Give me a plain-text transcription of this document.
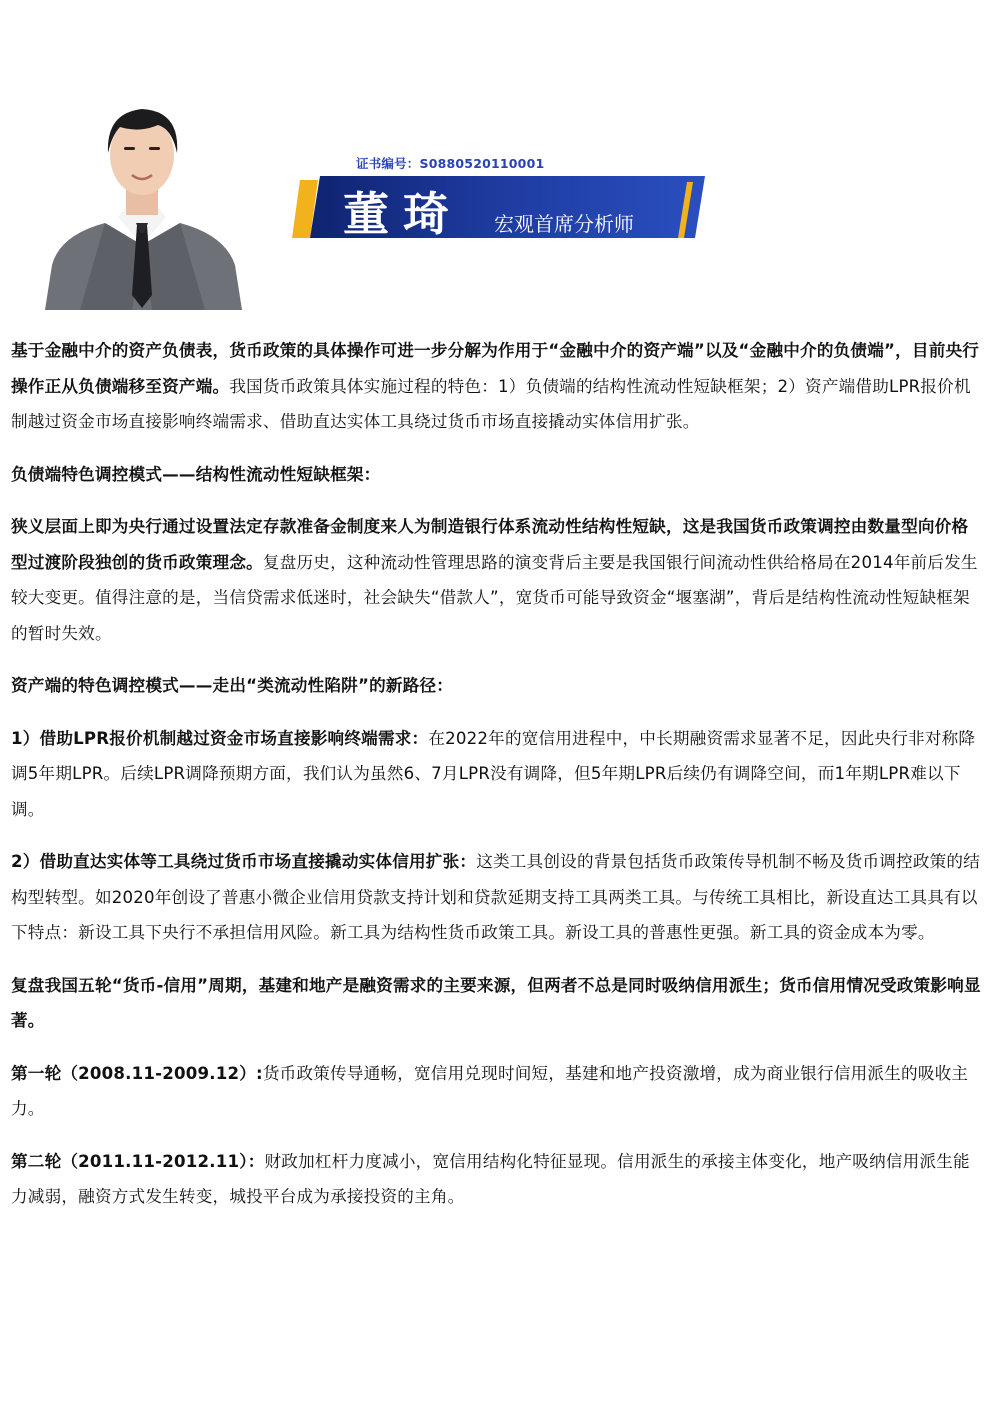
证书编号：S0880520110001
董琦 宏观首席分析师

基于金融中介的资产负债表，货币政策的具体操作可进一步分解为作用于“金融中介的资产端”以及“金融中介的负债端”，目前央行操作正从负债端移至资产端。我国货币政策具体实施过程的特色：1）负债端的结构性流动性短缺框架；2）资产端借助LPR报价机制越过资金市场直接影响终端需求、借助直达实体工具绕过货币市场直接撬动实体信用扩张。

负债端特色调控模式——结构性流动性短缺框架：

狭义层面上即为央行通过设置法定存款准备金制度来人为制造银行体系流动性结构性短缺，这是我国货币政策调控由数量型向价格型过渡阶段独创的货币政策理念。复盘历史，这种流动性管理思路的演变背后主要是我国银行间流动性供给格局在2014年前后发生较大变更。值得注意的是，当信贷需求低迷时，社会缺失“借款人”，宽货币可能导致资金“堰塞湖”，背后是结构性流动性短缺框架的暂时失效。

资产端的特色调控模式——走出“类流动性陷阱”的新路径：

1）借助LPR报价机制越过资金市场直接影响终端需求：在2022年的宽信用进程中，中长期融资需求显著不足，因此央行非对称降调5年期LPR。后续LPR调降预期方面，我们认为虽然6、7月LPR没有调降，但5年期LPR后续仍有调降空间，而1年期LPR难以下调。

2）借助直达实体等工具绕过货币市场直接撬动实体信用扩张：这类工具创设的背景包括货币政策传导机制不畅及货币调控政策的结构型转型。如2020年创设了普惠小微企业信用贷款支持计划和贷款延期支持工具两类工具。与传统工具相比，新设直达工具具有以下特点：新设工具下央行不承担信用风险。新工具为结构性货币政策工具。新设工具的普惠性更强。新工具的资金成本为零。

复盘我国五轮“货币-信用”周期，基建和地产是融资需求的主要来源，但两者不总是同时吸纳信用派生；货币信用情况受政策影响显著。

第一轮（2008.11-2009.12）:货币政策传导通畅，宽信用兑现时间短，基建和地产投资激增，成为商业银行信用派生的吸收主力。

第二轮（2011.11-2012.11）：财政加杠杆力度减小，宽信用结构化特征显现。信用派生的承接主体变化，地产吸纳信用派生能力减弱，融资方式发生转变，城投平台成为承接投资的主角。
